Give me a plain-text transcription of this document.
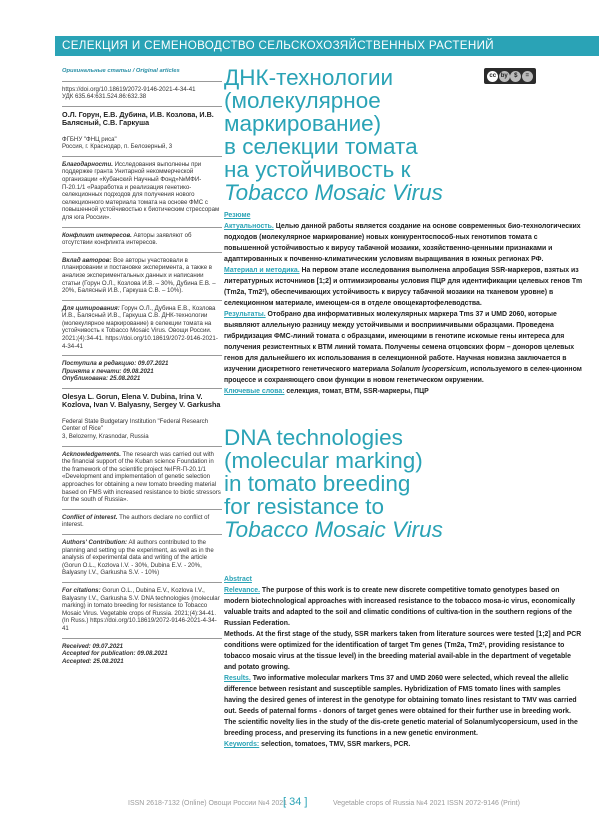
СЕЛЕКЦИЯ И СЕМЕНОВОДСТВО СЕЛЬСКОХОЗЯЙСТВЕННЫХ РАСТЕНИЙ
Оригинальные статьи / Original articles
https://doi.org/10.18619/2072-9146-2021-4-34-41
УДК 635.64:631.524.86:632.38
О.Л. Горун, Е.В. Дубина, И.В. Козлова, И.В. Балясный, С.В. Гаркуша
ФГБНУ "ФНЦ риса"
Россия, г. Краснодар, п. Белозерный, 3
Благодарности. Исследования выполнены при поддержке гранта Унитарной некоммерческой организации «Кубанский Научный Фонд»№МФИ-П-20.1/1 «Разработка и реализация генетико-селекционных подходов для получения нового селекционного материала томата на основе ФМС с повышенной устойчивостью к биотическим стрессорам для юга России».
Конфликт интересов. Авторы заявляют об отсутствии конфликта интересов.
Вклад авторов: Все авторы участвовали в планировании и постановке эксперимента, а также в анализе экспериментальных данных и написании статьи (Горун О.Л., Козлова И.В. – 30%, Дубина Е.В. – 20%, Балясный И.В., Гаркуша С.В. – 10%).
Для цитирования: Горун О.Л., Дубина Е.В., Козлова И.В., Балясный И.В., Гаркуша С.В. ДНК-технологии (молекулярное маркирование) в селекции томата на устойчивость к Tobacco Mosaic Virus. Овощи России. 2021;(4):34-41. https://doi.org/10.18619/2072-9146-2021-4-34-41
Поступила в редакцию: 09.07.2021
Принята к печати: 09.08.2021
Опубликована: 25.08.2021
Olesya L. Gorun, Elena V. Dubina, Irina V. Kozlova, Ivan V. Balyasny, Sergey V. Garkusha
Federal State Budgetary Institution "Federal Research Center of Rice"
3, Belozerny, Krasnodar, Russia
Acknowledgements. The research was carried out with the financial support of the Kuban science Foundation in the framework of the scientific project №IFR-П-20.1/1 «Development and implementation of genetic selection approaches for obtaining a new tomato breeding material based on FMS with increased resistance to biotic stressors for the south of Russia».
Conflict of interest. The authors declare no conflict of interest.
Authors' Contribution: All authors contributed to the planning and setting up the experiment, as well as in the analysis of experimental data and writing of the article (Gorun O.L., Kozlova I.V. - 30%, Dubina E.V. - 20%, Balyasny I.V., Garkusha S.V. - 10%)
For citations: Gorun O.L., Dubina E.V., Kozlova I.V., Balyasny I.V., Garkusha S.V. DNA technologies (molecular marking) in tomato breeding for resistance to Tobacco Mosaic Virus. Vegetable crops of Russia. 2021;(4):34-41. (In Russ.) https://doi.org/10.18619/2072-9146-2021-4-34-41
Received: 09.07.2021
Accepted for publication: 09.08.2021
Accepted: 25.08.2021
ДНК-технологии
(молекулярное
маркирование)
в селекции томата
на устойчивость к
Tobacco Mosaic Virus
cc by	$	=
Резюме

Актуальность. Целью данной работы является создание на основе современных био-технологических подходов (молекулярное маркирование) новых конкурентоспособ-ных генотипов томата с повышенной устойчивостью к вирусу табачной мозаики, хозяйственно-ценными признаками и адаптированных к почвенно-климатическим условиям выращивания в южных регионах РФ.

Материал и методика. На первом этапе исследования выполнена апробация SSR-маркеров, взятых из литературных источников [1;2] и оптимизированы условия ПЦР для идентификации целевых генов Tm (Tm2a, Tm2²), обеспечивающих устойчивость к вирусу табачной мозаики на тканевом уровне) в селекционном материале, имеющем-ся в отделе овощекартофелеводства.

Результаты. Отобрано два информативных молекулярных маркера Tms 37 и UMD 2060, которые выявляют аллельную разницу между устойчивыми и восприимчивыми образцами. Проведена гибридизация ФМС-линий томата с образцами, имеющими в генотипе искомые гены интереса для получения резистентных к ВТМ линий томата. Получены семена отцовских форм – доноров целевых генов для дальнейшего их использования в селекционной работе. Научная новизна заключается в изучении дискретного генетического материала Solanum lycopersicum, используемого в селек-ционном процессе и сохраняющего свои функции в новом генетическом окружении.

Ключевые слова: селекция, томат, ВТМ, SSR-маркеры, ПЦР

DNA technologies
(molecular marking)
in tomato breeding
for resistance to
Tobacco Mosaic Virus
Abstract

Relevance. The purpose of this work is to create new discrete competitive tomato genotypes based on modern biotechnological approaches with increased resistance to the tobacco mosa-ic virus, economically valuable traits and adapted to the soil and climatic conditions of cultiva-tion in the southern regions of the Russian Federation.

Methods. At the first stage of the study, SSR markers taken from literature sources were tested [1;2] and PCR conditions were optimized for the identification of target Tm genes (Tm2a, Tm2², providing resistance to tobacco mosaic virus at the tissue level) in the breeding material avail-able in the department of vegetable and potato growing.

Results. Two informative molecular markers Tms 37 and UMD 2060 were selected, which reveal the allelic difference between resistant and susceptible samples. Hybridization of FMS tomato lines with samples having the desired genes of interest in the genotype for obtaining tomato lines resistant to TMV was carried out. Seeds of paternal forms - donors of target genes were obtained for their further use in breeding work. The scientific novelty lies in the study of the dis-crete genetic material of Solanumlycopersicum, used in the breeding process, and preserving its functions in a new genetic environment.

Keywords: selection, tomatoes, TMV, SSR markers, PCR.

ISSN 2618-7132 (Online) Овощи России №4 2021
[ 34 ]	Vegetable crops of Russia №4 2021 ISSN 2072-9146 (Print)
